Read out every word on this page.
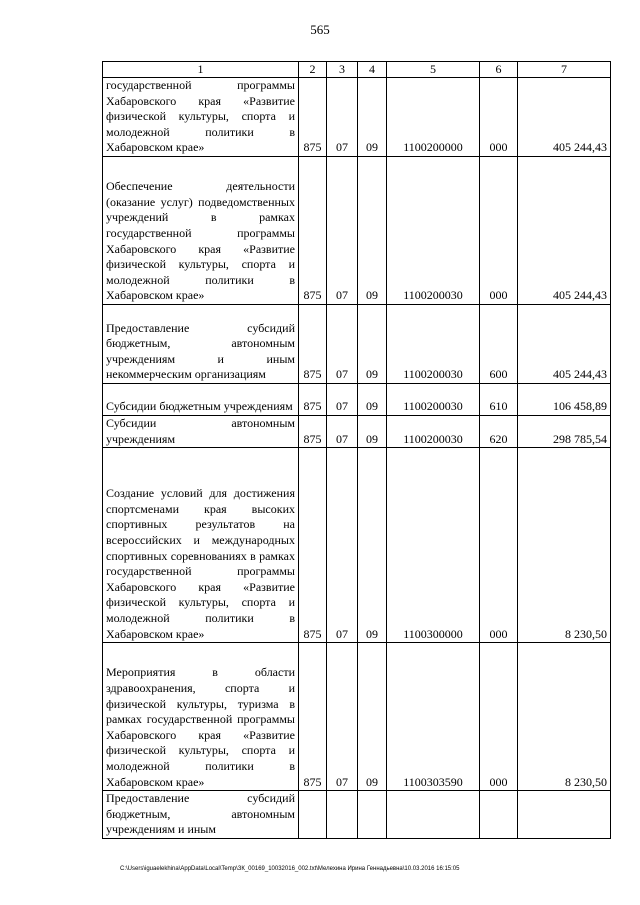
565
1	2	3	4	5	6	7
государственной программы Хабаровского края «Развитие физической культуры, спорта и молодежной политики в Хабаровском крае»	875	07	09	1100200000	000	405 244,43
Обеспечение деятельности (оказание услуг) подведомственных учреждений в рамках государственной программы Хабаровского края «Развитие физической культуры, спорта и молодежной политики в Хабаровском крае»	875	07	09	1100200030	000	405 244,43
Предоставление субсидий бюджетным, автономным учреждениям и иным некоммерческим организациям	875	07	09	1100200030	600	405 244,43
Субсидии бюджетным учреждениям	875	07	09	1100200030	610	106 458,89
Субсидии автономным учреждениям	875	07	09	1100200030	620	298 785,54
Создание условий для достижения спортсменами края высоких спортивных результатов на всероссийских и международных спортивных соревнованиях в рамках государственной программы Хабаровского края «Развитие физической культуры, спорта и молодежной политики в Хабаровском крае»	875	07	09	1100300000	000	8 230,50
Мероприятия в области здравоохранения, спорта и физической культуры, туризма в рамках государственной программы Хабаровского края «Развитие физической культуры, спорта и молодежной политики в Хабаровском крае»	875	07	09	1100303590	000	8 230,50
Предоставление субсидий бюджетным, автономным учреждениям и иным						
C:\Users\iguaelekhina\AppData\Local\Temp\ЗК_00169_10032016_002.txt\Мелехина Ирина Геннадьевна\10.03.2016 16:15:05
